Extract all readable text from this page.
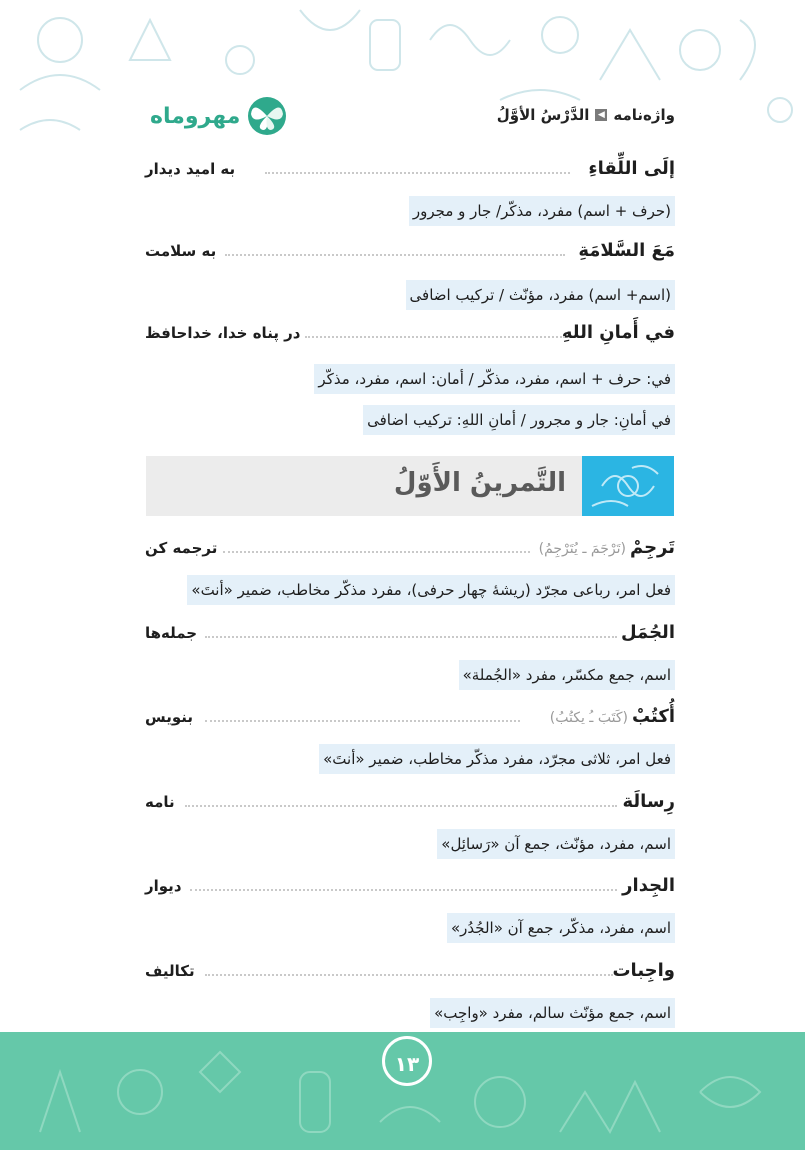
مهروماه	واژه‌نامه
◀
الدَّرْسُ الأوَّلُ
إلَی اللِّقاءِ
به امید دیدار
(حرف + اسم) مفرد، مذکّر/ جار و مجرور
مَعَ السَّلامَةِ
به سلامت
(اسم+ اسم) مفرد، مؤنّث / ترکیب اضافی
في أَمانِ اللهِ
در پناه خدا، خداحافظ
في: حرف + اسم، مفرد، مذکّر / أمان: اسم، مفرد، مذکّر
في أمانِ: جار و مجرور / أمانِ اللهِ: ترکیب اضافی
التَّمرينُ الأَوّلُ
تَرجِمْ(تَرْجَمَ ـ یُتَرْجِمُ)
ترجمه کن
فعل امر، رباعی مجرّد (ریشهٔ چهار حرفی)، مفرد مذکّر مخاطب، ضمیر «أنتَ»
الجُمَل
جمله‌ها
اسم، جمع مکسّر، مفرد «الجُملة»
أُكتُبْ(کَتَبَ ـُ یکتُبُ)
بنویس
فعل امر، ثلاثی مجرّد، مفرد مذکّر مخاطب، ضمیر «أنتَ»
رِسالَة
نامه
اسم، مفرد، مؤنّث، جمع آن «رَسائِل»
الجِدار
دیوار
اسم، مفرد، مذکّر، جمع آن «الجُدُر»
واجِبات
تکالیف
اسم، جمع مؤنّث سالم، مفرد «واجِب»
۱۳
